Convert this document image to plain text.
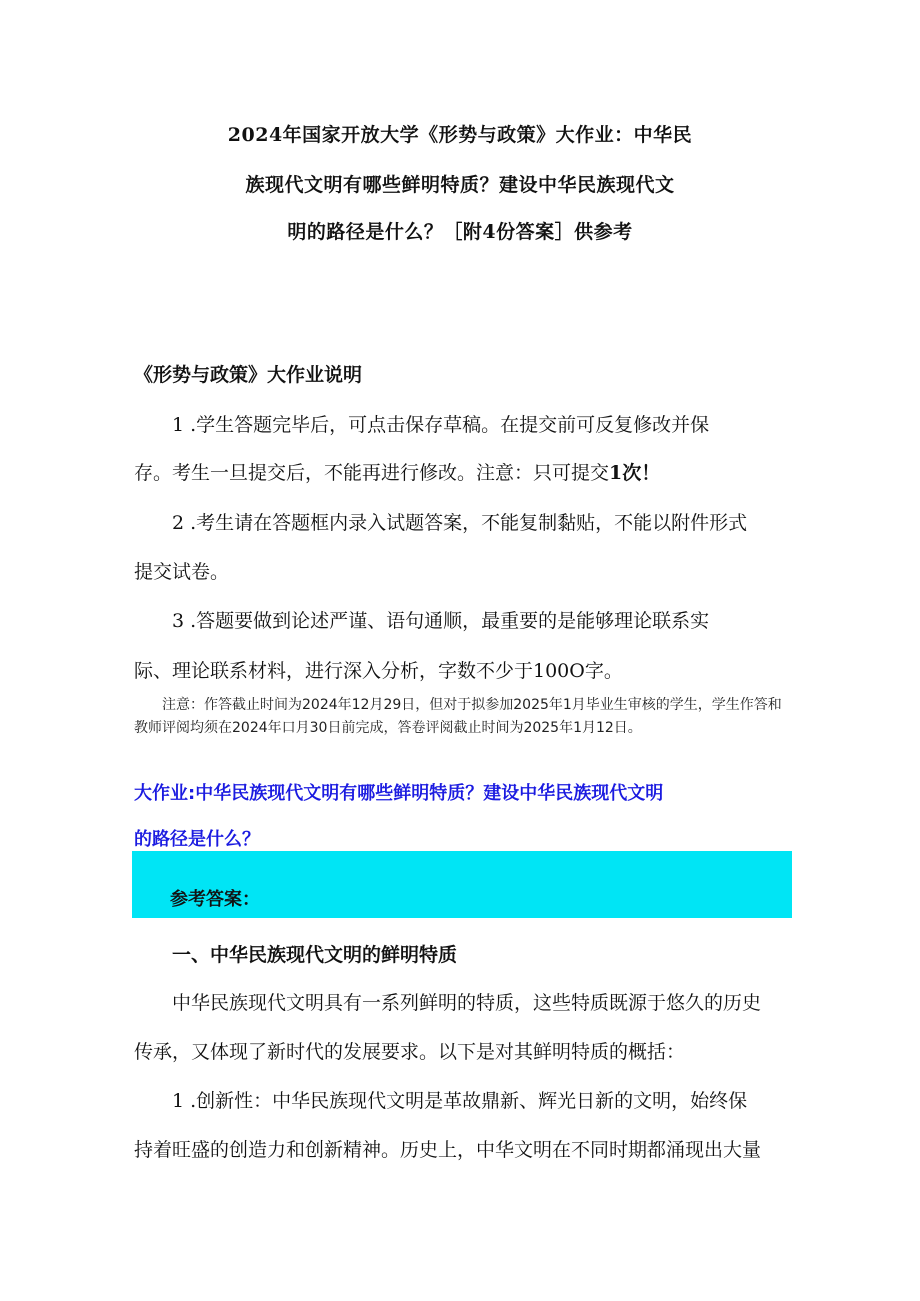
2024年国家开放大学《形势与政策》大作业：中华民
族现代文明有哪些鲜明特质？建设中华民族现代文
明的路径是什么？［附4份答案］供参考
《形势与政策》大作业说明
1 .学生答题完毕后，可点击保存草稿。在提交前可反复修改并保
存。考生一旦提交后，不能再进行修改。注意：只可提交1次！
2 .考生请在答题框内录入试题答案，不能复制黏贴，不能以附件形式
提交试卷。
3 .答题要做到论述严谨、语句通顺，最重要的是能够理论联系实
际、理论联系材料，进行深入分析，字数不少于100O字。
注意：作答截止时间为2024年12月29日，但对于拟参加2025年1月毕业生审核的学生，学生作答和教师评阅均须在2024年口月30日前完成，答卷评阅截止时间为2025年1月12日。
大作业:中华民族现代文明有哪些鲜明特质？建设中华民族现代文明
的路径是什么？
参考答案：
一、中华民族现代文明的鲜明特质
中华民族现代文明具有一系列鲜明的特质，这些特质既源于悠久的历史
传承，又体现了新时代的发展要求。以下是对其鲜明特质的概括：
1 .创新性：中华民族现代文明是革故鼎新、辉光日新的文明，始终保
持着旺盛的创造力和创新精神。历史上，中华文明在不同时期都涌现出大量
